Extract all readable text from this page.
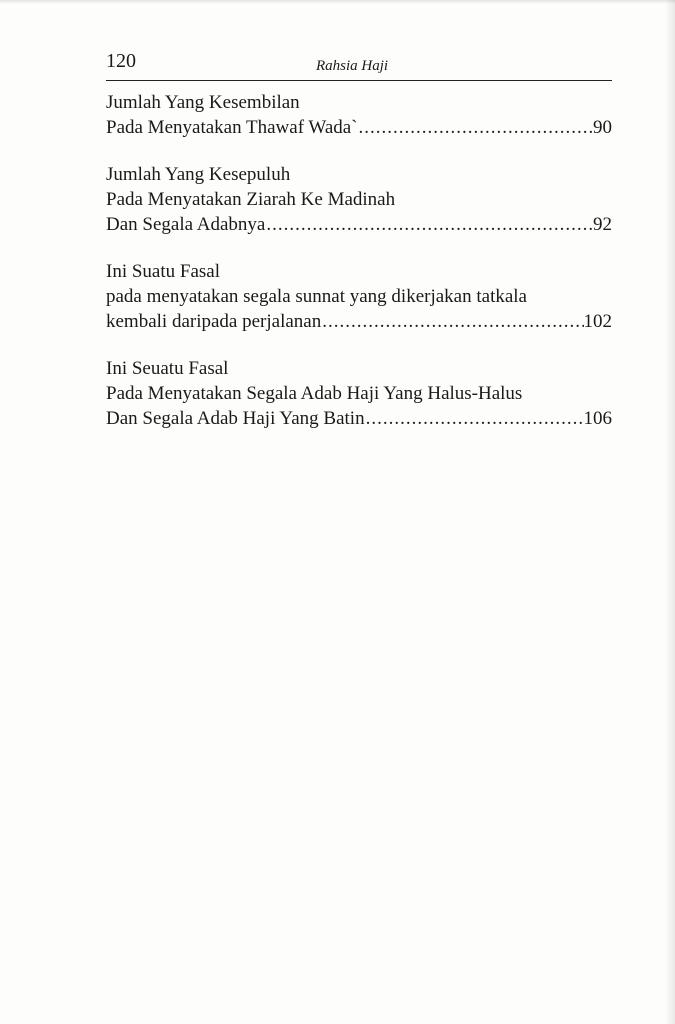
120	Rahsia Haji
Jumlah Yang Kesembilan
Pada Menyatakan Thawaf Wada` .....	90
Jumlah Yang Kesepuluh
Pada Menyatakan Ziarah Ke Madinah
Dan Segala Adabnya .....	92
Ini Suatu Fasal
pada menyatakan segala sunnat yang dikerjakan tatkala
kembali daripada perjalanan .....	102
Ini Seuatu Fasal
Pada Menyatakan Segala Adab Haji Yang Halus-Halus
Dan Segala Adab Haji Yang Batin .....	106
